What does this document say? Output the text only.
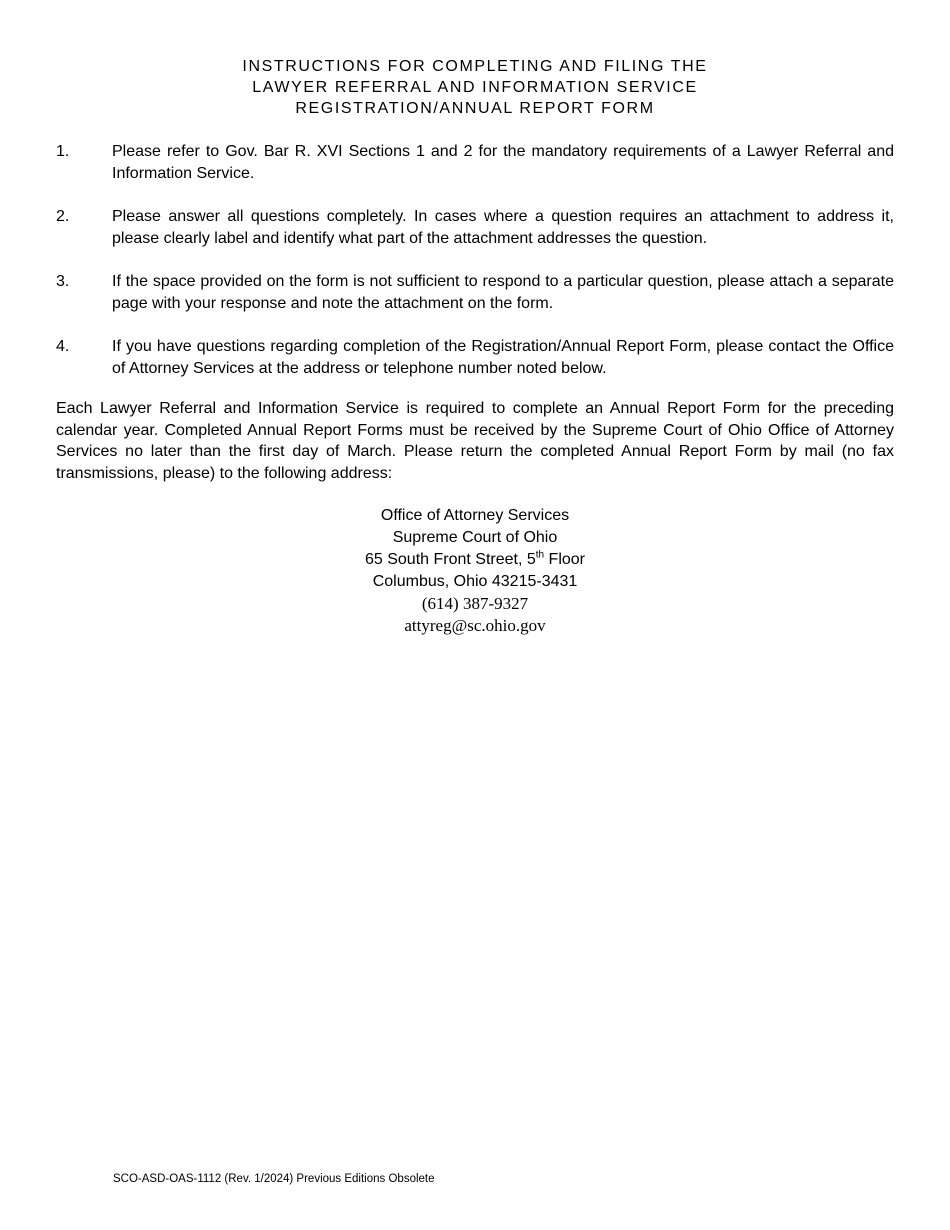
INSTRUCTIONS FOR COMPLETING AND FILING THE
LAWYER REFERRAL AND INFORMATION SERVICE
REGISTRATION/ANNUAL REPORT FORM
1.	Please refer to Gov. Bar R. XVI Sections 1 and 2 for the mandatory requirements of a Lawyer Referral and Information Service.
2.	Please answer all questions completely. In cases where a question requires an attachment to address it, please clearly label and identify what part of the attachment addresses the question.
3.	If the space provided on the form is not sufficient to respond to a particular question, please attach a separate page with your response and note the attachment on the form.
4.	If you have questions regarding completion of the Registration/Annual Report Form, please contact the Office of Attorney Services at the address or telephone number noted below.

Each Lawyer Referral and Information Service is required to complete an Annual Report Form for the preceding calendar year. Completed Annual Report Forms must be received by the Supreme Court of Ohio Office of Attorney Services no later than the first day of March. Please return the completed Annual Report Form by mail (no fax transmissions, please) to the following address:

Office of Attorney Services
Supreme Court of Ohio
65 South Front Street, 5th Floor
Columbus, Ohio 43215-3431
(614) 387-9327
attyreg@sc.ohio.gov
SCO-ASD-OAS-1112 (Rev. 1/2024) Previous Editions Obsolete
